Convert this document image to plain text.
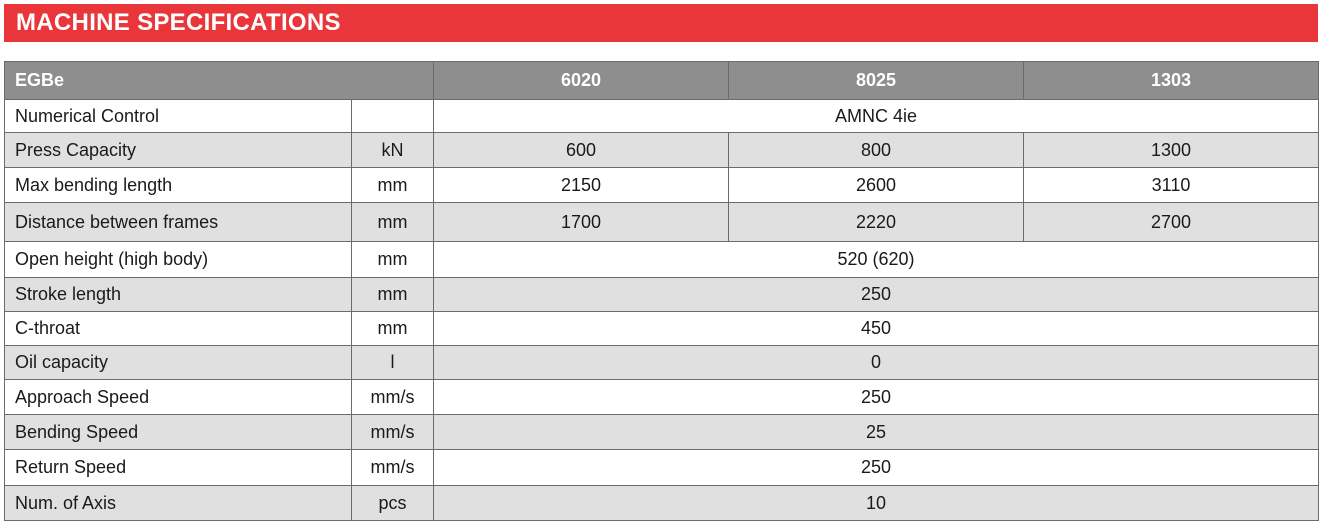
MACHINE SPECIFICATIONS
EGBe		6020	8025	1303
Numerical Control		AMNC 4ie		
Press Capacity	kN	600	800	1300
Max bending length	mm	2150	2600	3110
Distance between frames	mm	1700	2220	2700
Open height (high body)	mm	520 (620)		
Stroke length	mm	250		
C-throat	mm	450		
Oil capacity	l	0		
Approach Speed	mm/s	250		
Bending Speed	mm/s	25		
Return Speed	mm/s	250		
Num. of Axis	pcs	10		
